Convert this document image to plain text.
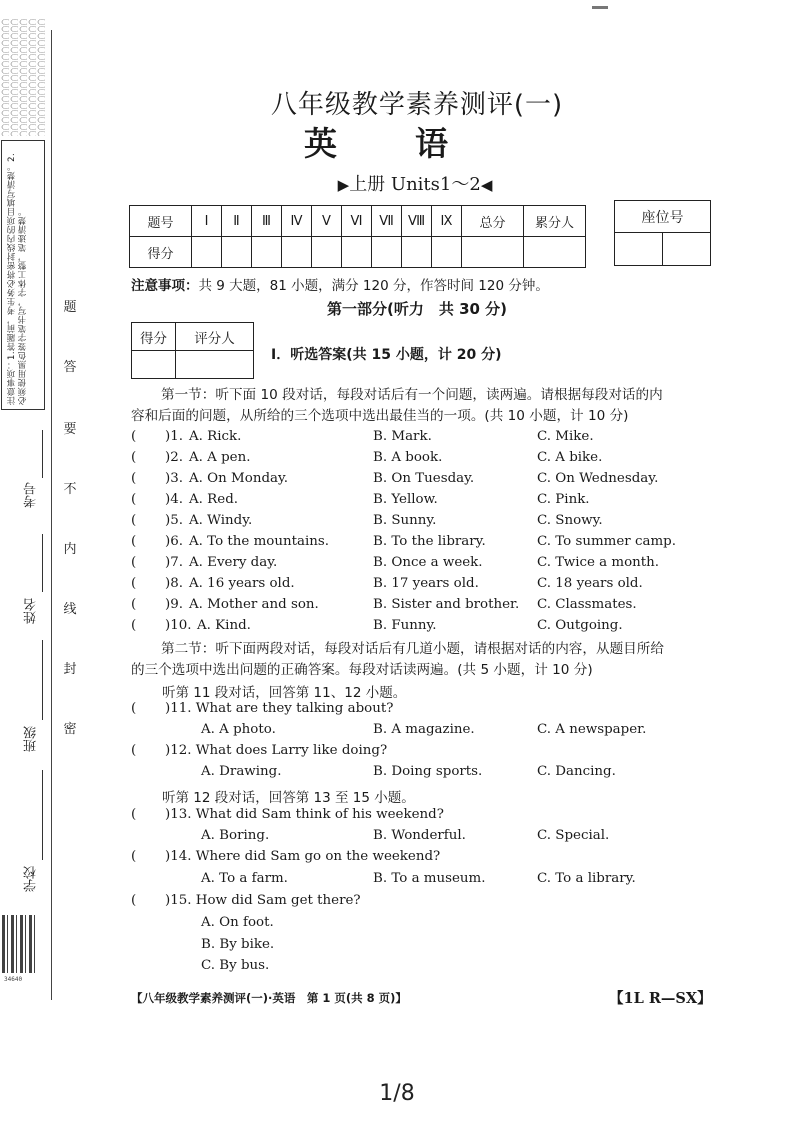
注意事项：1.答题前，考生务必将密封线内的项目填写清楚。2.必须使用黑色签字笔书写，字体工整，笔迹清楚。	题
答
要
不
内
线
封
密
考号
姓名
班级
学校
34640
八年级教学素养测评(一)
英语
▶上册 Units1～2◀
题号	Ⅰ	Ⅱ	Ⅲ	Ⅳ	Ⅴ	Ⅵ	Ⅶ	Ⅷ	Ⅸ	总分	累分人
得分											
座位号

注意事项：共 9 大题，81 小题，满分 120 分，作答时间 120 分钟。
第一部分(听力　共 30 分)
得分	评分人

Ⅰ．听选答案(共 15 小题，计 20 分)
第一节：听下面 10 段对话，每段对话后有一个问题，读两遍。请根据每段对话的内
容和后面的问题，从所给的三个选项中选出最佳当的一项。(共 10 小题，计 10 分)
( )1. A. Rick.	B. Mark.	C. Mike.
( )2. A. A pen.	B. A book.	C. A bike.
( )3. A. On Monday.	B. On Tuesday.	C. On Wednesday.
( )4. A. Red.	B. Yellow.	C. Pink.
( )5. A. Windy.	B. Sunny.	C. Snowy.
( )6. A. To the mountains.	B. To the library.	C. To summer camp.
( )7. A. Every day.	B. Once a week.	C. Twice a month.
( )8. A. 16 years old.	B. 17 years old.	C. 18 years old.
( )9. A. Mother and son.	B. Sister and brother. C. Classmates.
( )10. A. Kind.	B. Funny.	C. Outgoing.
第二节：听下面两段对话，每段对话后有几道小题，请根据对话的内容，从题目所给
的三个选项中选出问题的正确答案。每段对话读两遍。(共 5 小题，计 10 分)
听第 11 段对话，回答第 11、12 小题。
( )11. What are they talking about?
A. A photo.	B. A magazine.	C. A newspaper.
( )12. What does Larry like doing?
A. Drawing.	B. Doing sports.	C. Dancing.
听第 12 段对话，回答第 13 至 15 小题。
( )13. What did Sam think of his weekend?
A. Boring.	B. Wonderful.	C. Special.
( )14. Where did Sam go on the weekend?
A. To a farm.	B. To a museum.	C. To a library.
( )15. How did Sam get there?
A. On foot.
B. By bike.
C. By bus.
【八年级教学素养测评(一)·英语　第 1 页(共 8 页)】	【1L R—SX】
1/8
